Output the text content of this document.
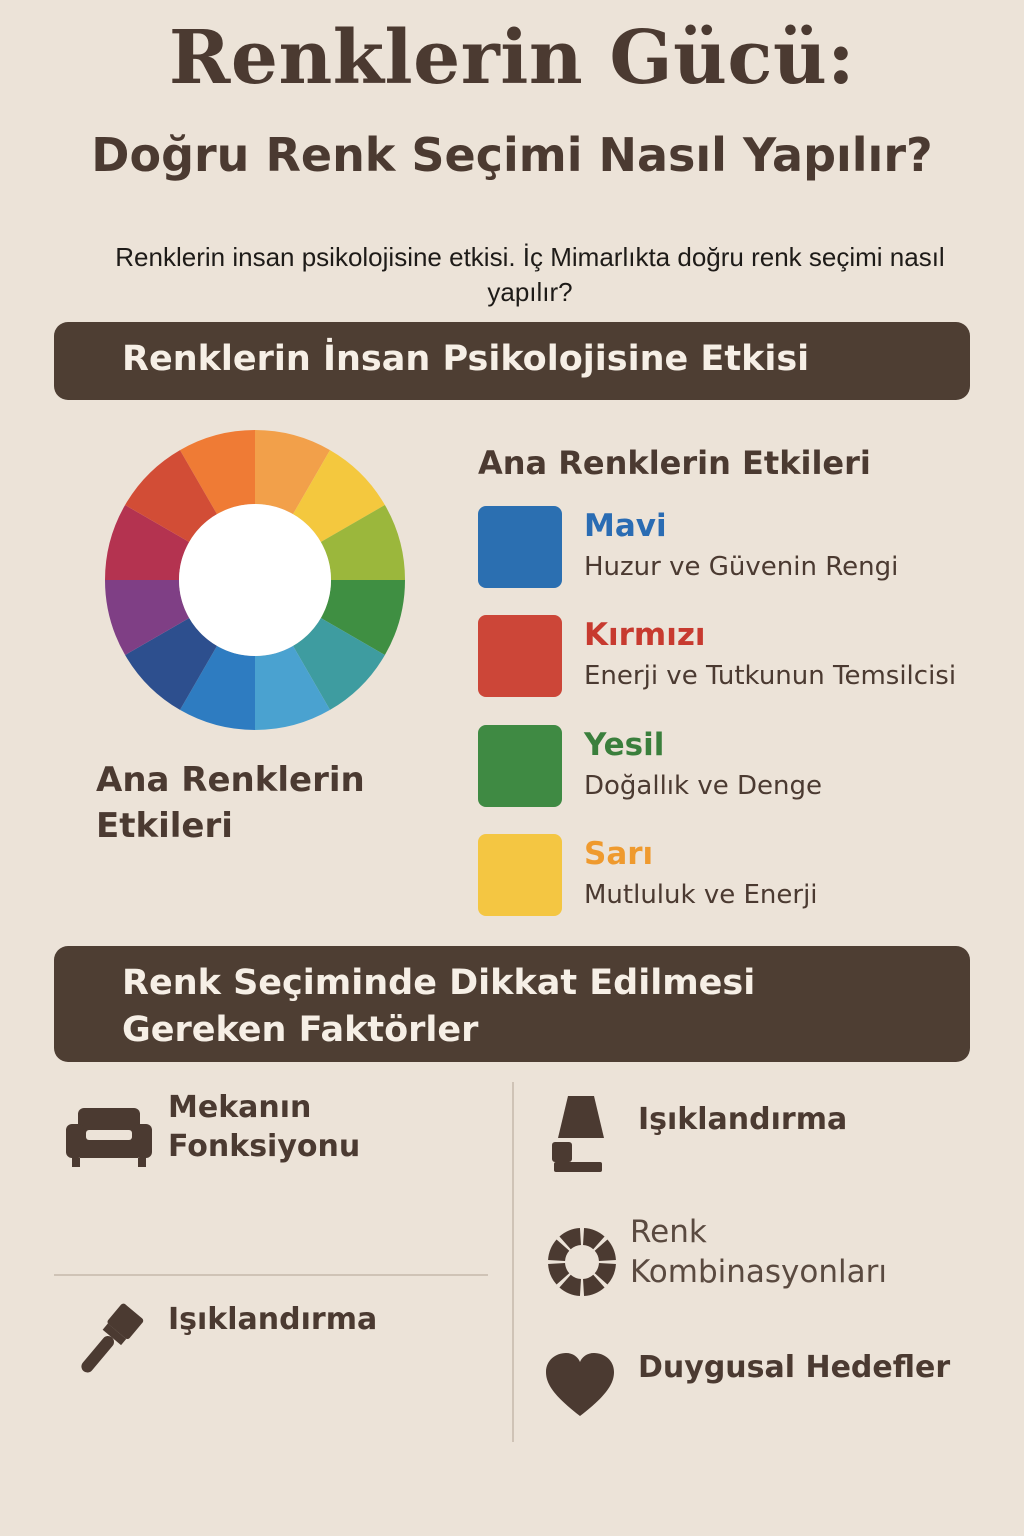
Renklerin Gücü:
Doğru Renk Seçimi Nasıl Yapılır?
Renklerin insan psikolojisine etkisi. İç Mimarlıkta doğru renk seçimi nasıl yapılır?
Renklerin İnsan Psikolojisine Etkisi
Ana Renklerin Etkileri
Ana Renklerin Etkileri
Mavi
Huzur ve Güvenin Rengi
Kırmızı
Enerji ve Tutkunun Temsilcisi
Yesil
Doğallık ve Denge
Sarı
Mutluluk ve Enerji
Renk Seçiminde Dikkat Edilmesi
Gereken Faktörler
Mekanın
Fonksiyonu
Işıklandırma
Işıklandırma
Renk
Kombinasyonları
Duygusal Hedefler
